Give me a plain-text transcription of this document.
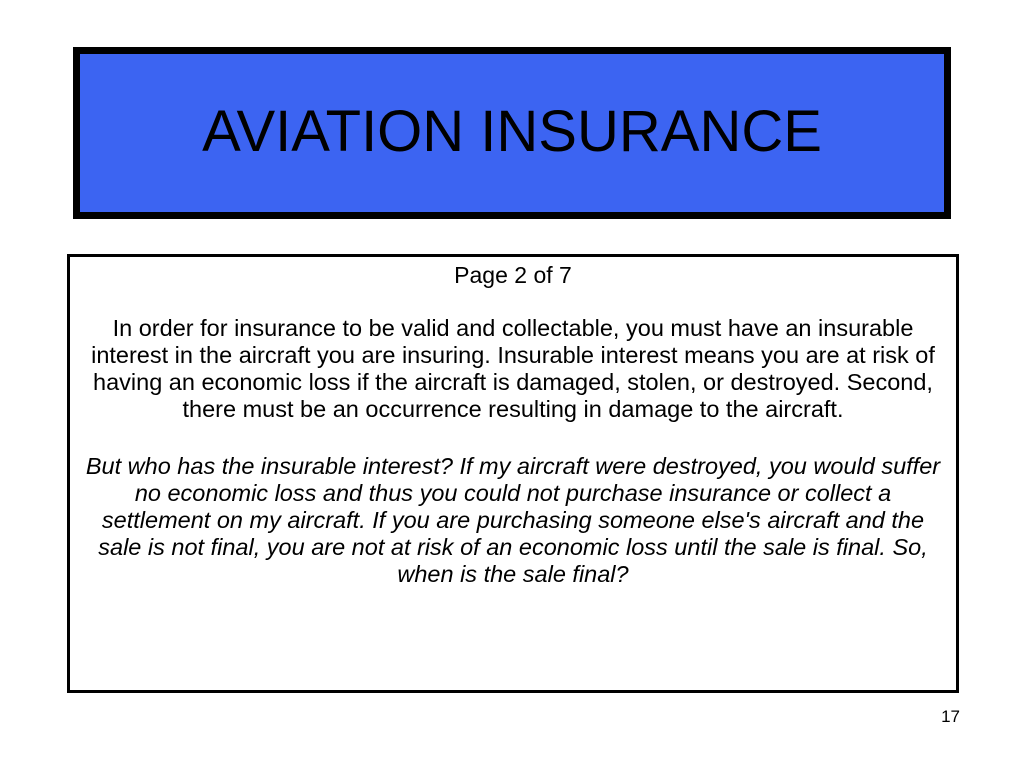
AVIATION INSURANCE

Page 2 of 7

In order for insurance to be valid and collectable, you must have an insurable interest in the aircraft you are insuring. Insurable interest means you are at risk of having an economic loss if the aircraft is damaged, stolen, or destroyed. Second, there must be an occurrence resulting in damage to the aircraft.

But who has the insurable interest? If my aircraft were destroyed, you would suffer no economic loss and thus you could not purchase insurance or collect a settlement on my aircraft. If you are purchasing someone else's aircraft and the sale is not final, you are not at risk of an economic loss until the sale is final. So, when is the sale final?

17
